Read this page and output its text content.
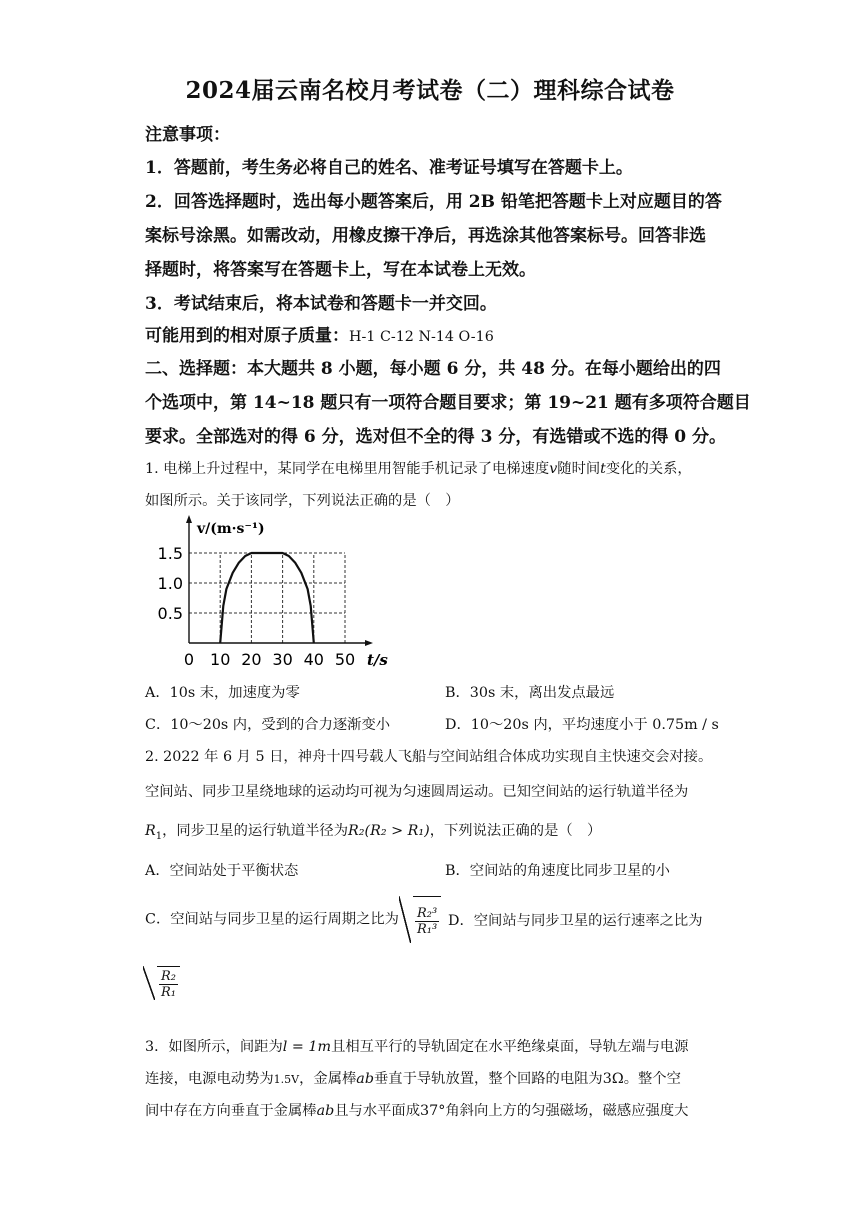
2024届云南名校月考试卷（二）理科综合试卷
注意事项：
1．答题前，考生务必将自己的姓名、准考证号填写在答题卡上。
2．回答选择题时，选出每小题答案后，用 2B 铅笔把答题卡上对应题目的答
案标号涂黑。如需改动，用橡皮擦干净后，再选涂其他答案标号。回答非选
择题时，将答案写在答题卡上，写在本试卷上无效。
3．考试结束后，将本试卷和答题卡一并交回。
可能用到的相对原子质量：H-1 C-12 N-14 O-16
二、选择题：本大题共 8 小题，每小题 6 分，共 48 分。在每小题给出的四
个选项中，第 14~18 题只有一项符合题目要求；第 19~21 题有多项符合题目
要求。全部选对的得 6 分，选对但不全的得 3 分，有选错或不选的得 0 分。
1. 电梯上升过程中，某同学在电梯里用智能手机记录了电梯速度v随时间t变化的关系，
如图所示。关于该同学，下列说法正确的是（　）
0 10 20 30 40 50
0.5
1.0
1.5
t/s
v/(m·s⁻¹)
A．10s 末，加速度为零	B．30s 末，离出发点最远
C．10～20s 内，受到的合力逐渐变小	D．10～20s 内，平均速度小于 0.75m / s
2. 2022 年 6 月 5 日，神舟十四号载人飞船与空间站组合体成功实现自主快速交会对接。
空间站、同步卫星绕地球的运动均可视为匀速圆周运动。已知空间站的运行轨道半径为
$R_1$，同步卫星的运行轨道半径为R₂(R₂ > R₁)，下列说法正确的是（　）
A．空间站处于平衡状态	B．空间站的角速度比同步卫星的小
C．空间站与同步卫星的运行周期之比为 $\frac{\text{R₂³}}{\text{R₁³}}$ D．空间站与同步卫星的运行速率之比为
$\frac{\text{R₂}}{\text{R₁}}$
3．如图所示，间距为l = 1m且相互平行的导轨固定在水平绝缘桌面，导轨左端与电源
连接，电源电动势为1.5V，金属棒ab垂直于导轨放置，整个回路的电阻为3Ω。整个空
间中存在方向垂直于金属棒ab且与水平面成37°角斜向上方的匀强磁场，磁感应强度大
